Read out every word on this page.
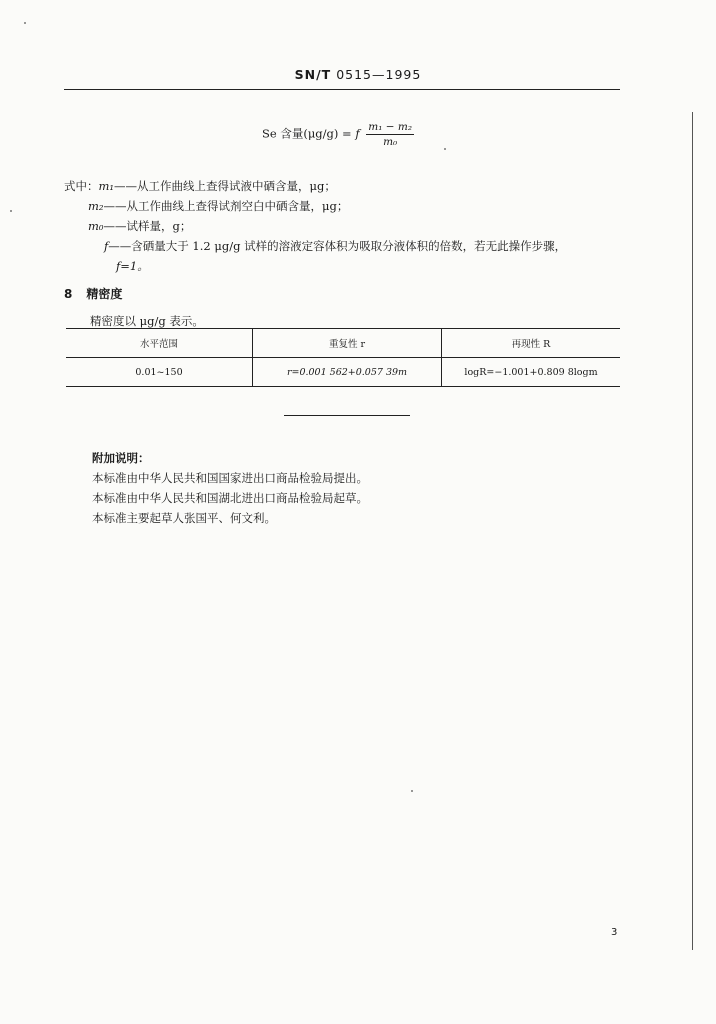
SN/T 0515—1995
Se 含量(μg/g) = f $\frac{\text{m₁ − m₂}}{\text{m₀}}$
式中：m₁——从工作曲线上查得试液中硒含量，μg；
m₂——从工作曲线上查得试剂空白中硒含量，μg；
m₀——试样量，g；
f——含硒量大于 1.2 μg/g 试样的溶液定容体积为吸取分液体积的倍数，若无此操作步骤，
f=1。
8 精密度
精密度以 μg/g 表示。
水平范围	重复性 r	再现性 R
0.01~150	r=0.001 562+0.057 39m	logR=−1.001+0.809 8logm
附加说明：
本标准由中华人民共和国国家进出口商品检验局提出。
本标准由中华人民共和国湖北进出口商品检验局起草。
本标准主要起草人张国平、何文利。
3
